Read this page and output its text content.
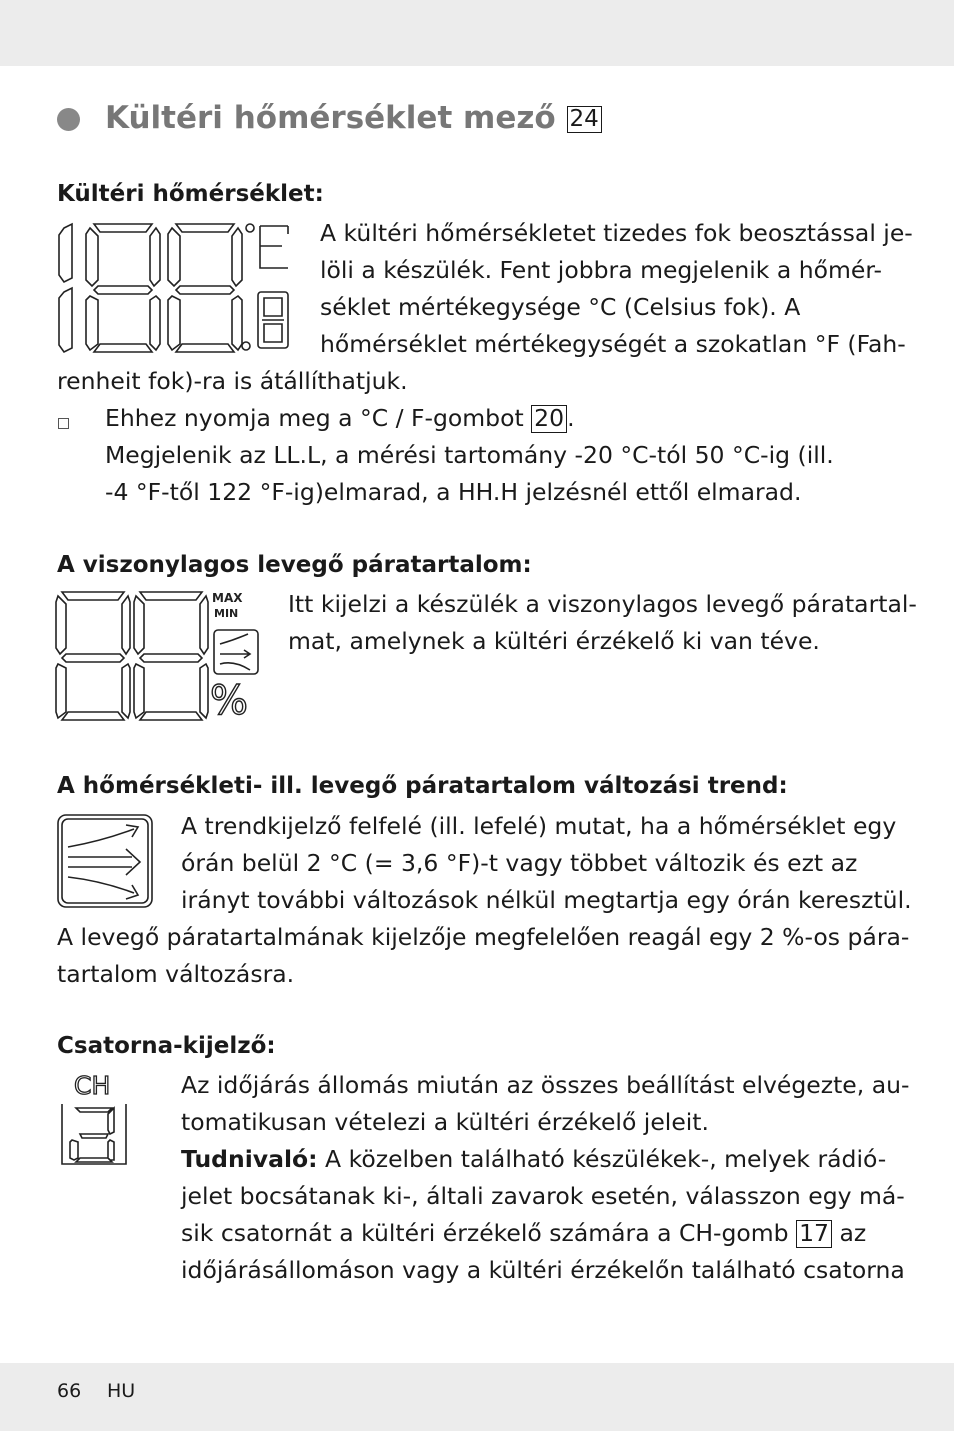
Kültéri hőmérséklet mező 24
Kültéri hőmérséklet:
A kültéri hőmérsékletet tizedes fok beosztással je-
löli a készülék. Fent jobbra megjelenik a hőmér-
séklet mértékegysége °C (Celsius fok). A
hőmérséklet mértékegységét a szokatlan °F (Fah-
renheit fok)-ra is átállíthatjuk.
Ehhez nyomja meg a °C / F-gombot 20 .
Megjelenik az LL.L, a mérési tartomány -20 °C-tól 50 °C-ig (ill.
-4 °F-től 122 °F-ig)elmarad, a HH.H jelzésnél ettől elmarad.
A viszonylagos levegő páratartalom:
MAX
MIN
%
Itt kijelzi a készülék a viszonylagos levegő páratartal-
mat, amelynek a kültéri érzékelő ki van téve.
A hőmérsékleti- ill. levegő páratartalom változási trend:
A trendkijelző felfelé (ill. lefelé) mutat, ha a hőmérséklet egy
órán belül 2 °C (= 3,6 °F)-t vagy többet változik és ezt az
irányt további változások nélkül megtartja egy órán keresztül.
A levegő páratartalmának kijelzője megfelelően reagál egy 2 %-os pára-
tartalom változásra.
Csatorna-kijelző:
CH	Az időjárás állomás miután az összes beállítást elvégezte, au-
tomatikusan vételezi a kültéri érzékelő jeleit.
Tudnivaló: A közelben található készülékek-, melyek rádió-
jelet bocsátanak ki-, általi zavarok esetén, válasszon egy má-
sik csatornát a kültéri érzékelő számára a CH-gomb 17 az
időjárásállomáson vagy a kültéri érzékelőn található csatorna
66 HU
